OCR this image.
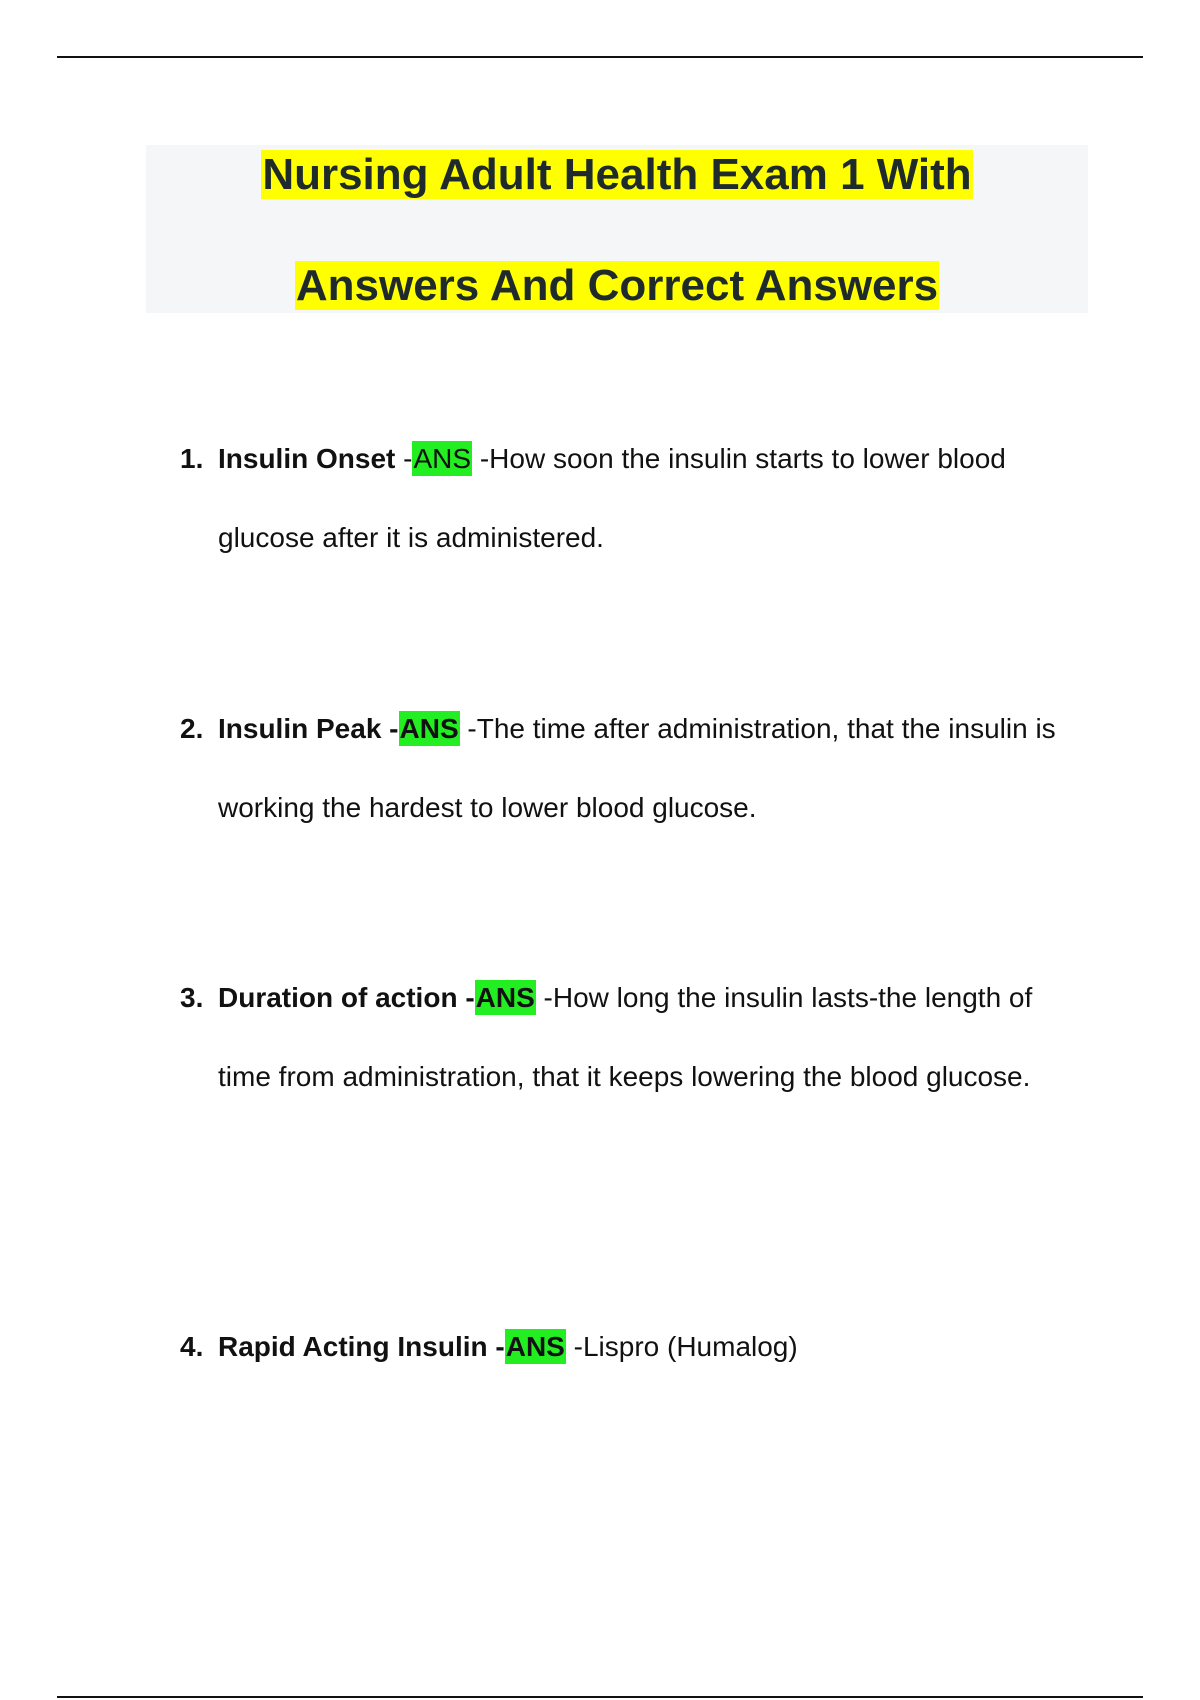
Nursing Adult Health Exam 1 With
Answers And Correct Answers
1. Insulin Onset -ANS -How soon the insulin starts to lower blood glucose after it is administered.
2. Insulin Peak -ANS -The time after administration, that the insulin is working the hardest to lower blood glucose.
3. Duration of action -ANS -How long the insulin lasts-the length of time from administration, that it keeps lowering the blood glucose.
4. Rapid Acting Insulin -ANS -Lispro (Humalog)
